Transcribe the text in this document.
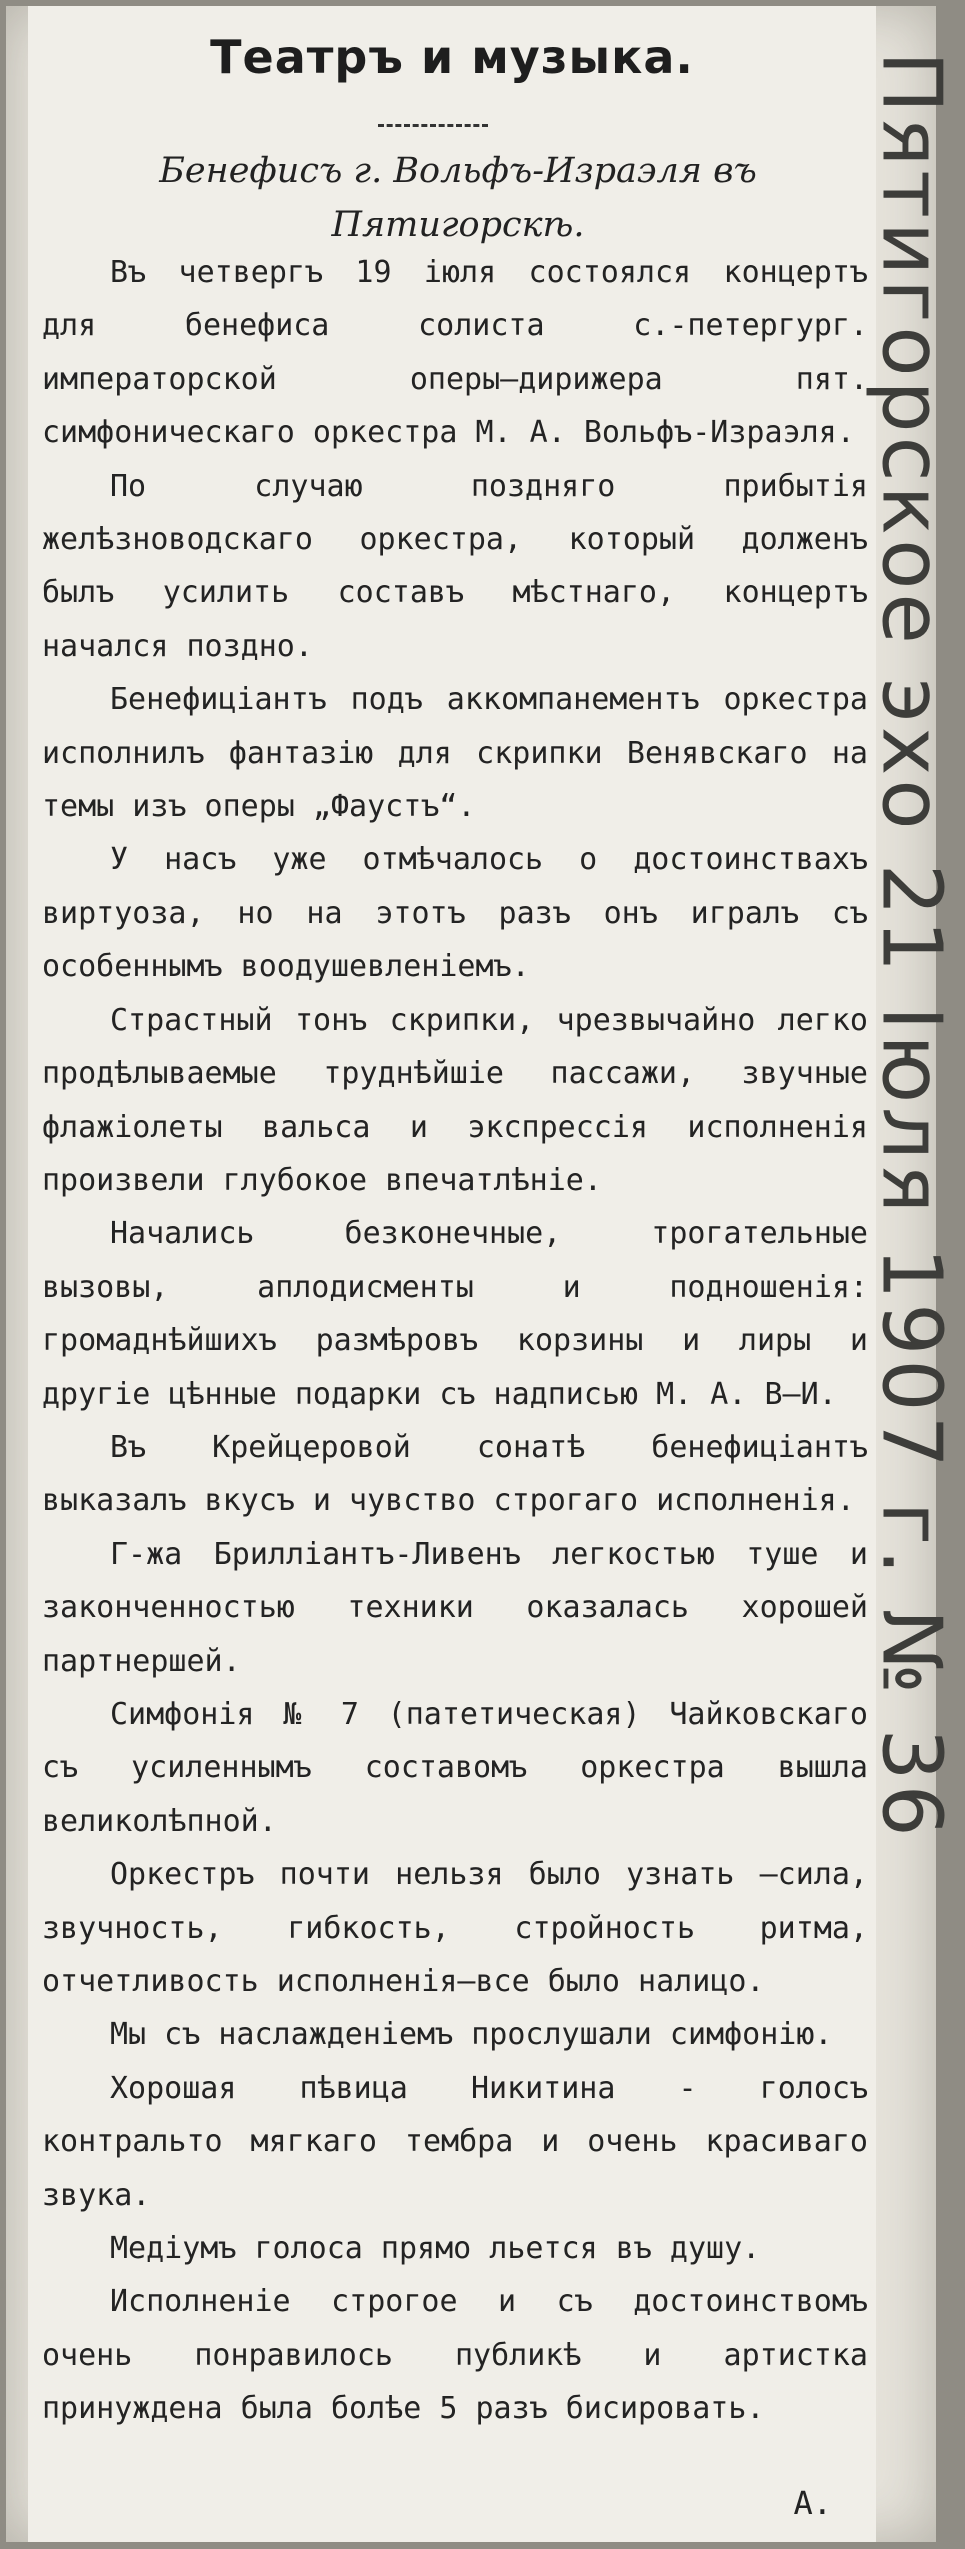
Театръ и музыка.
Бенефисъ г. Вольфъ-Израэля въ Пятигорскѣ.

Въ четвергъ 19 іюля состоялся концертъ для бенефиса солиста с.-петергург. императорской оперы—дирижера пят. симфоническаго оркестра М. А. Вольфъ-Израэля.

По случаю поздняго прибытія желѣзноводскаго оркестра, который долженъ былъ усилить составъ мѣстнаго, концертъ начался поздно.

Бенефиціантъ подъ аккомпанементъ оркестра исполнилъ фантазію для скрипки Венявскаго на темы изъ оперы „Фаустъ“.

У насъ уже отмѣчалось о достоинствахъ виртуоза, но на этотъ разъ онъ игралъ съ особеннымъ воодушевленіемъ.

Страстный тонъ скрипки, чрезвычайно легко продѣлываемые труднѣйшіе пассажи, звучные флажіолеты вальса и экспрессія исполненія произвели глубокое впечатлѣніе.

Начались безконечные, трогательные вызовы, аплодисменты и подношенія: громаднѣйшихъ размѣровъ корзины и лиры и другіе цѣнные подарки съ надписью М. А. В—И.

Въ Крейцеровой сонатѣ бенефиціантъ выказалъ вкусъ и чувство строгаго исполненія.

Г-жа Брилліантъ-Ливенъ легкостью туше и законченностью техники оказалась хорошей партнершей.

Симфонія № 7 (патетическая) Чайковскаго съ усиленнымъ составомъ оркестра вышла великолѣпной.

Оркестръ почти нельзя было узнать —сила, звучность, гибкость, стройность ритма, отчетливость исполненія—все было налицо.

Мы съ наслажденіемъ прослушали симфонію.

Хорошая пѣвица Никитина - голосъ контральто мягкаго тембра и очень красиваго звука.

Медіумъ голоса прямо льется въ душу.

Исполненіе строгое и съ достоинствомъ очень понравилось публикѣ и артистка принуждена была болѣе 5 разъ бисировать.

А.
Пятигорское эхо 21 Іюля 1907 г. № 36
